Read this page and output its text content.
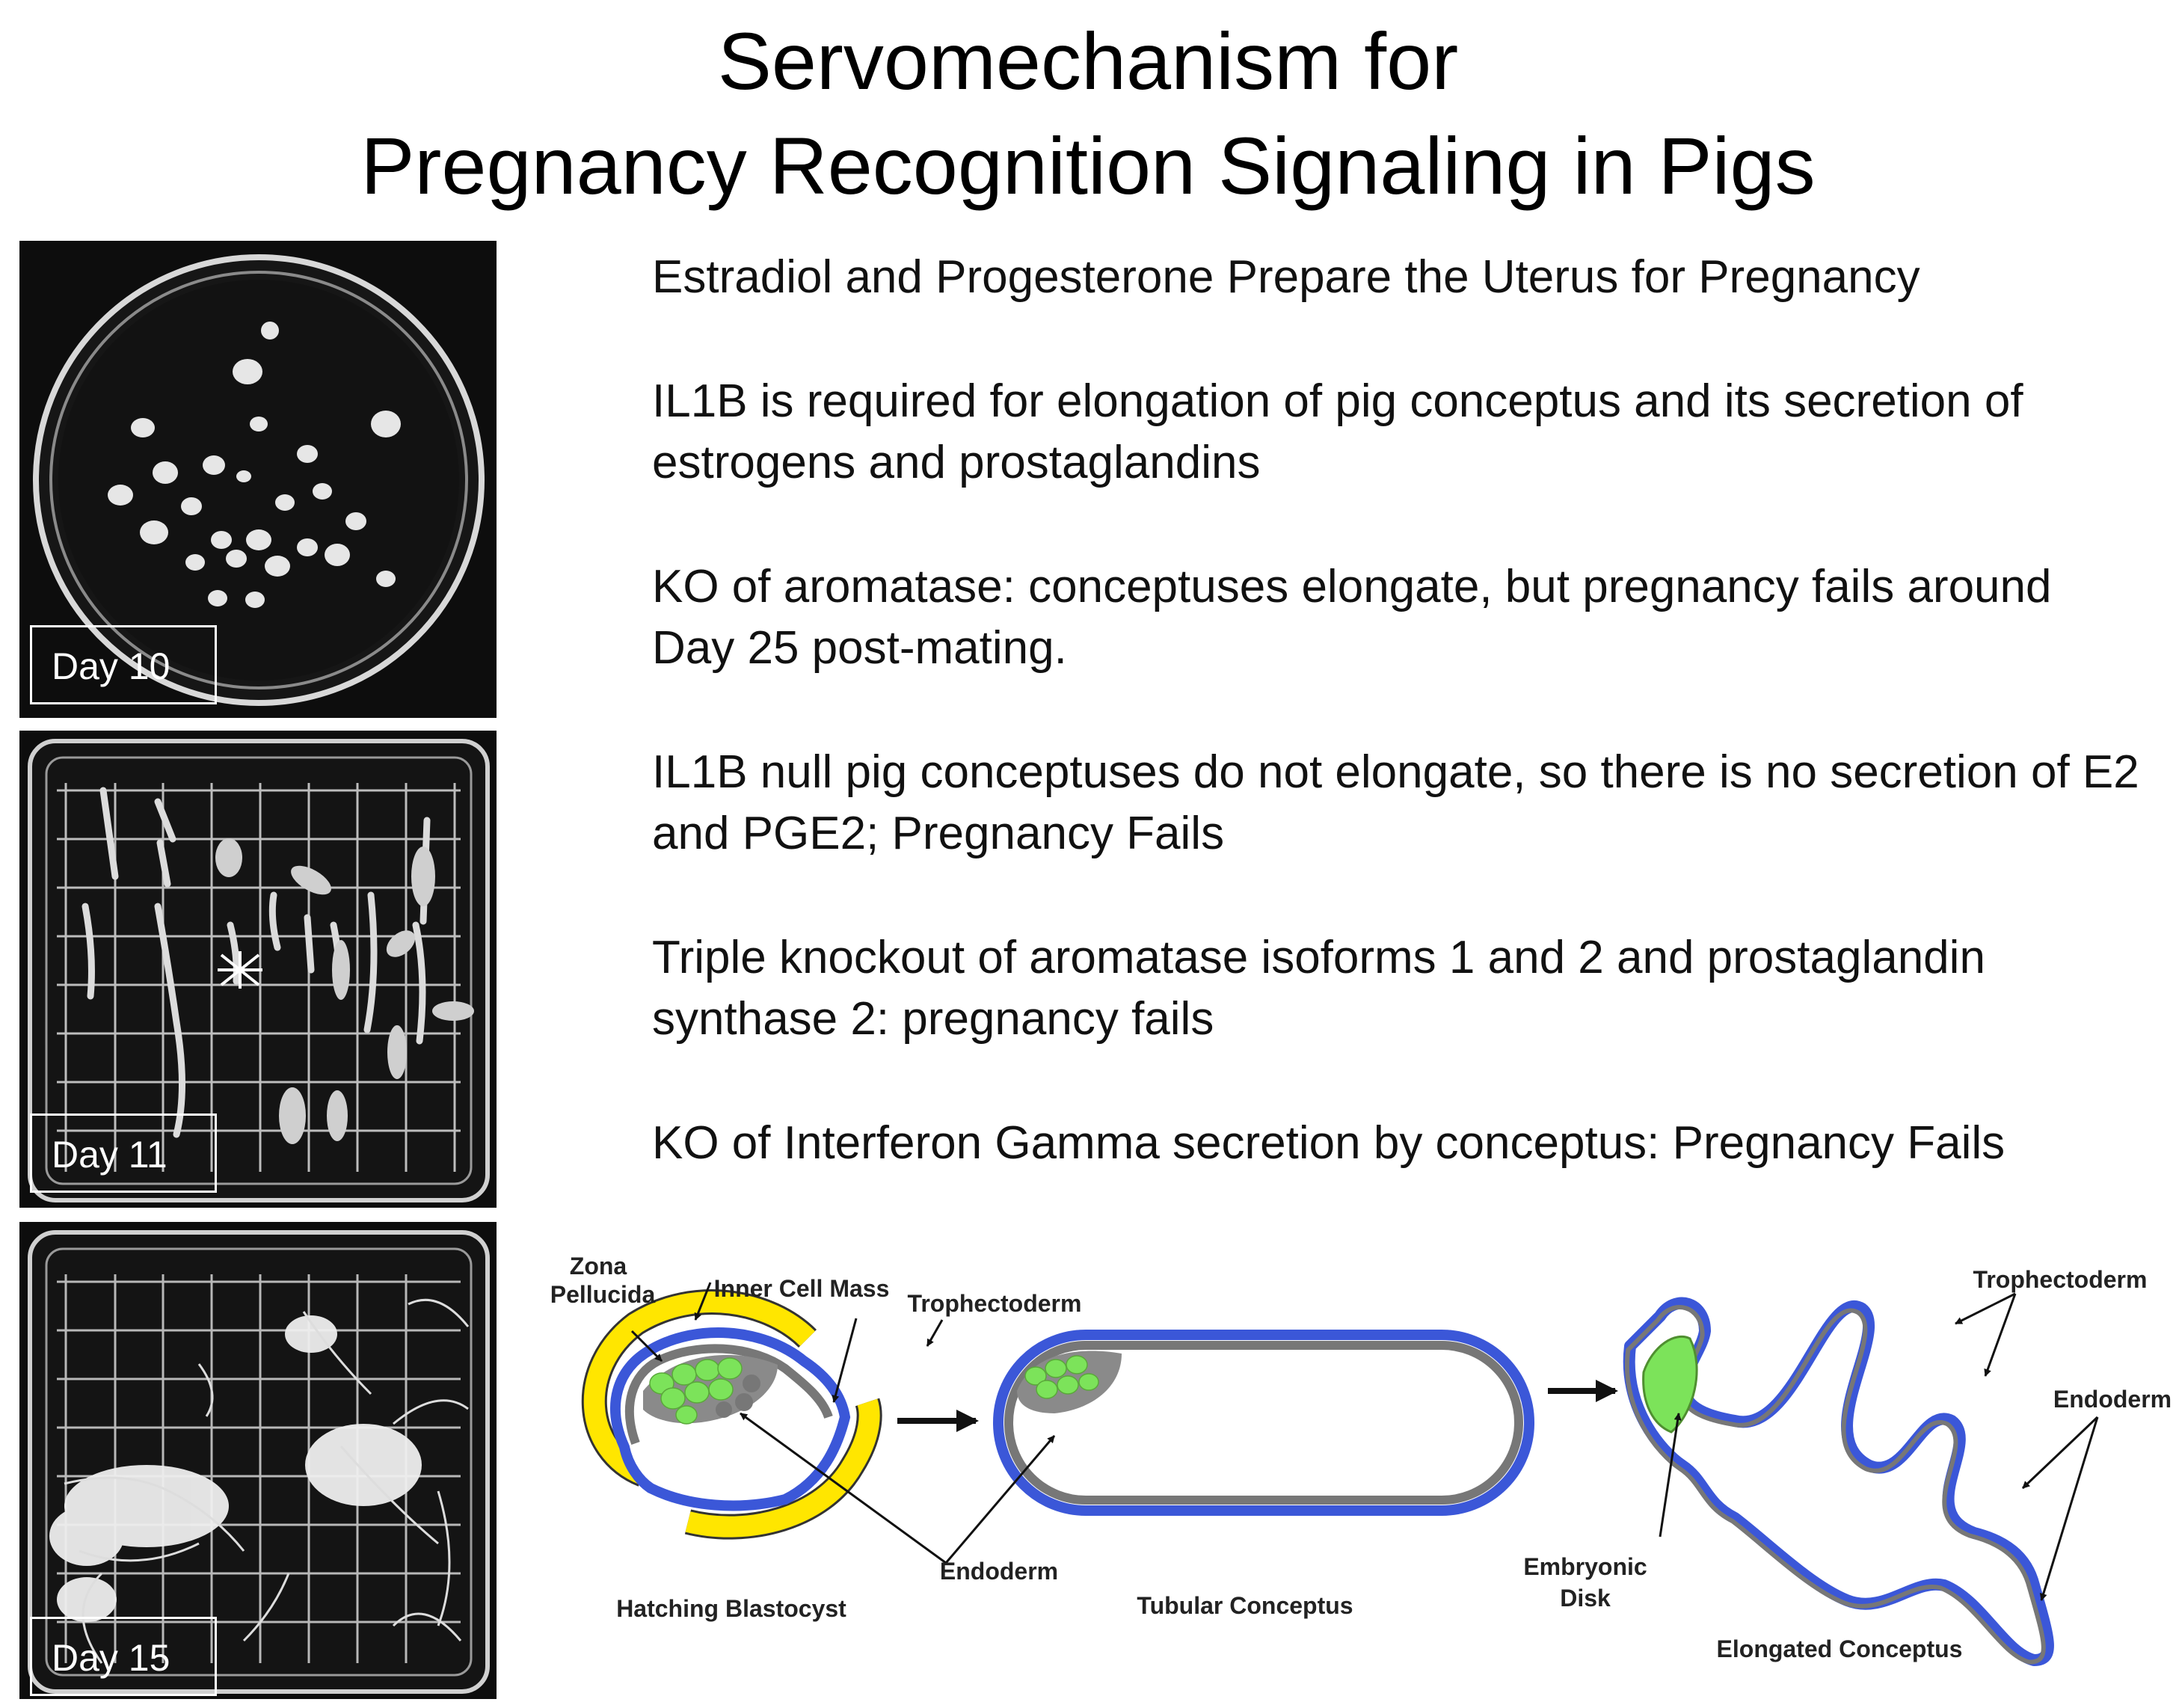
Servomechanism for
Pregnancy Recognition Signaling in Pigs
Day 10
Day 11
Day 15

Estradiol and Progesterone Prepare the Uterus for Pregnancy

IL1B is required for elongation of pig conceptus and its secretion of estrogens and prostaglandins

KO of aromatase: conceptuses elongate, but pregnancy fails around Day 25 post-mating.

IL1B null pig conceptuses do not elongate, so there is no secretion of E2 and PGE2; Pregnancy Fails

Triple knockout of aromatase isoforms 1 and 2 and prostaglandin synthase 2: pregnancy fails

KO of Interferon Gamma secretion by conceptus: Pregnancy Fails

Zona
Pellucida Inner Cell Mass
Trophectoderm
Endoderm
Hatching Blastocyst	Tubular Conceptus
Embryonic
Disk
Trophectoderm
Endoderm
Elongated Conceptus
